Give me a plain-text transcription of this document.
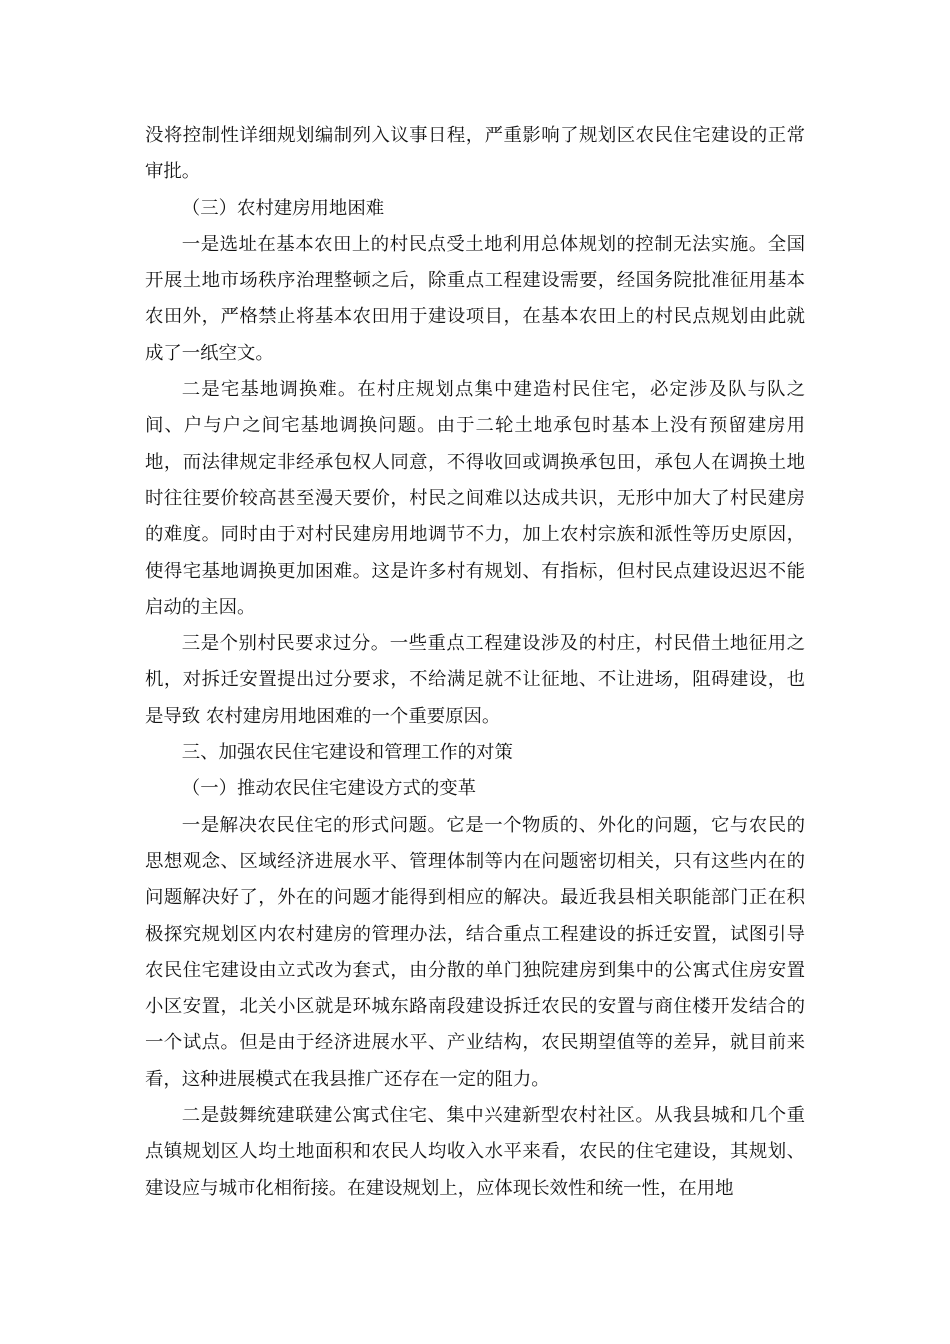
没将控制性详细规划编制列入议事日程，严重影响了规划区农民住宅建设的正常审批。

（三）农村建房用地困难

一是选址在基本农田上的村民点受土地利用总体规划的控制无法实施。全国开展土地市场秩序治理整顿之后，除重点工程建设需要，经国务院批准征用基本农田外，严格禁止将基本农田用于建设项目，在基本农田上的村民点规划由此就成了一纸空文。

二是宅基地调换难。在村庄规划点集中建造村民住宅，必定涉及队与队之间、户与户之间宅基地调换问题。由于二轮土地承包时基本上没有预留建房用地，而法律规定非经承包权人同意，不得收回或调换承包田，承包人在调换土地时往往要价较高甚至漫天要价，村民之间难以达成共识，无形中加大了村民建房的难度。同时由于对村民建房用地调节不力，加上农村宗族和派性等历史原因，使得宅基地调换更加困难。这是许多村有规划、有指标，但村民点建设迟迟不能启动的主因。

三是个别村民要求过分。一些重点工程建设涉及的村庄，村民借土地征用之机，对拆迁安置提出过分要求，不给满足就不让征地、不让进场，阻碍建设，也是导致 农村建房用地困难的一个重要原因。

三、加强农民住宅建设和管理工作的对策

（一）推动农民住宅建设方式的变革

一是解决农民住宅的形式问题。它是一个物质的、外化的问题，它与农民的思想观念、区域经济进展水平、管理体制等内在问题密切相关，只有这些内在的问题解决好了，外在的问题才能得到相应的解决。最近我县相关职能部门正在积极探究规划区内农村建房的管理办法，结合重点工程建设的拆迁安置，试图引导农民住宅建设由立式改为套式，由分散的单门独院建房到集中的公寓式住房安置小区安置，北关小区就是环城东路南段建设拆迁农民的安置与商住楼开发结合的一个试点。但是由于经济进展水平、产业结构，农民期望值等的差异，就目前来看，这种进展模式在我县推广还存在一定的阻力。

二是鼓舞统建联建公寓式住宅、集中兴建新型农村社区。从我县城和几个重点镇规划区人均土地面积和农民人均收入水平来看，农民的住宅建设，其规划、建设应与城市化相衔接。在建设规划上，应体现长效性和统一性，在用地
